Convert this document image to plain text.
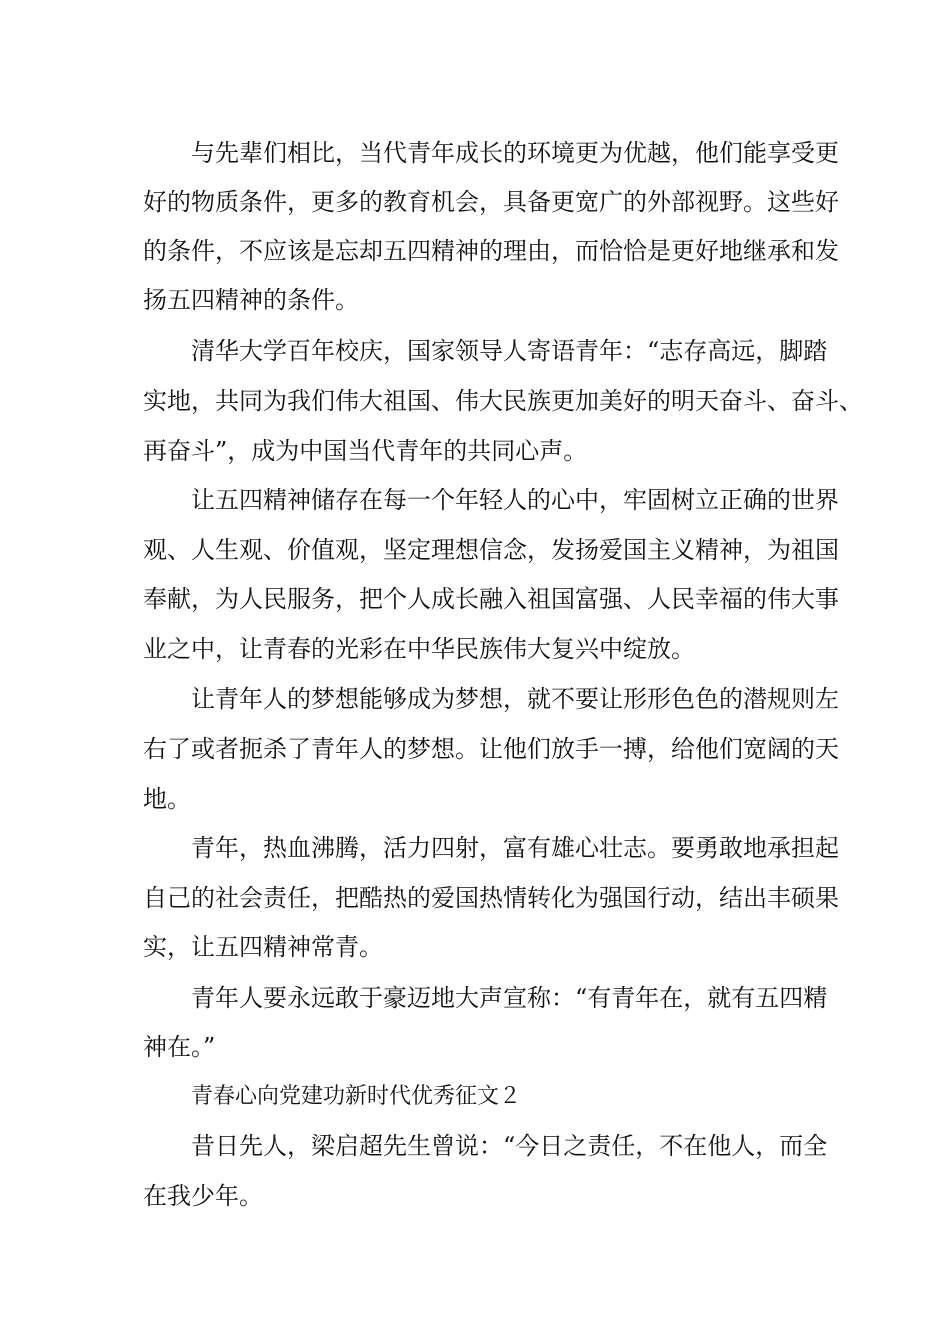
与先辈们相比，当代青年成长的环境更为优越，他们能享受更
好的物质条件，更多的教育机会，具备更宽广的外部视野。这些好
的条件，不应该是忘却五四精神的理由，而恰恰是更好地继承和发
扬五四精神的条件。
清华大学百年校庆，国家领导人寄语青年：“志存高远，脚踏
实地，共同为我们伟大祖国、伟大民族更加美好的明天奋斗、奋斗、
再奋斗”，成为中国当代青年的共同心声。
让五四精神储存在每一个年轻人的心中，牢固树立正确的世界
观、人生观、价值观，坚定理想信念，发扬爱国主义精神，为祖国
奉献，为人民服务，把个人成长融入祖国富强、人民幸福的伟大事
业之中，让青春的光彩在中华民族伟大复兴中绽放。
让青年人的梦想能够成为梦想，就不要让形形色色的潜规则左
右了或者扼杀了青年人的梦想。让他们放手一搏，给他们宽阔的天
地。
青年，热血沸腾，活力四射，富有雄心壮志。要勇敢地承担起
自己的社会责任，把酷热的爱国热情转化为强国行动，结出丰硕果
实，让五四精神常青。
青年人要永远敢于豪迈地大声宣称：“有青年在，就有五四精
神在。”
青春心向党建功新时代优秀征文２
昔日先人，梁启超先生曾说：“今日之责任，不在他人，而全
在我少年。
